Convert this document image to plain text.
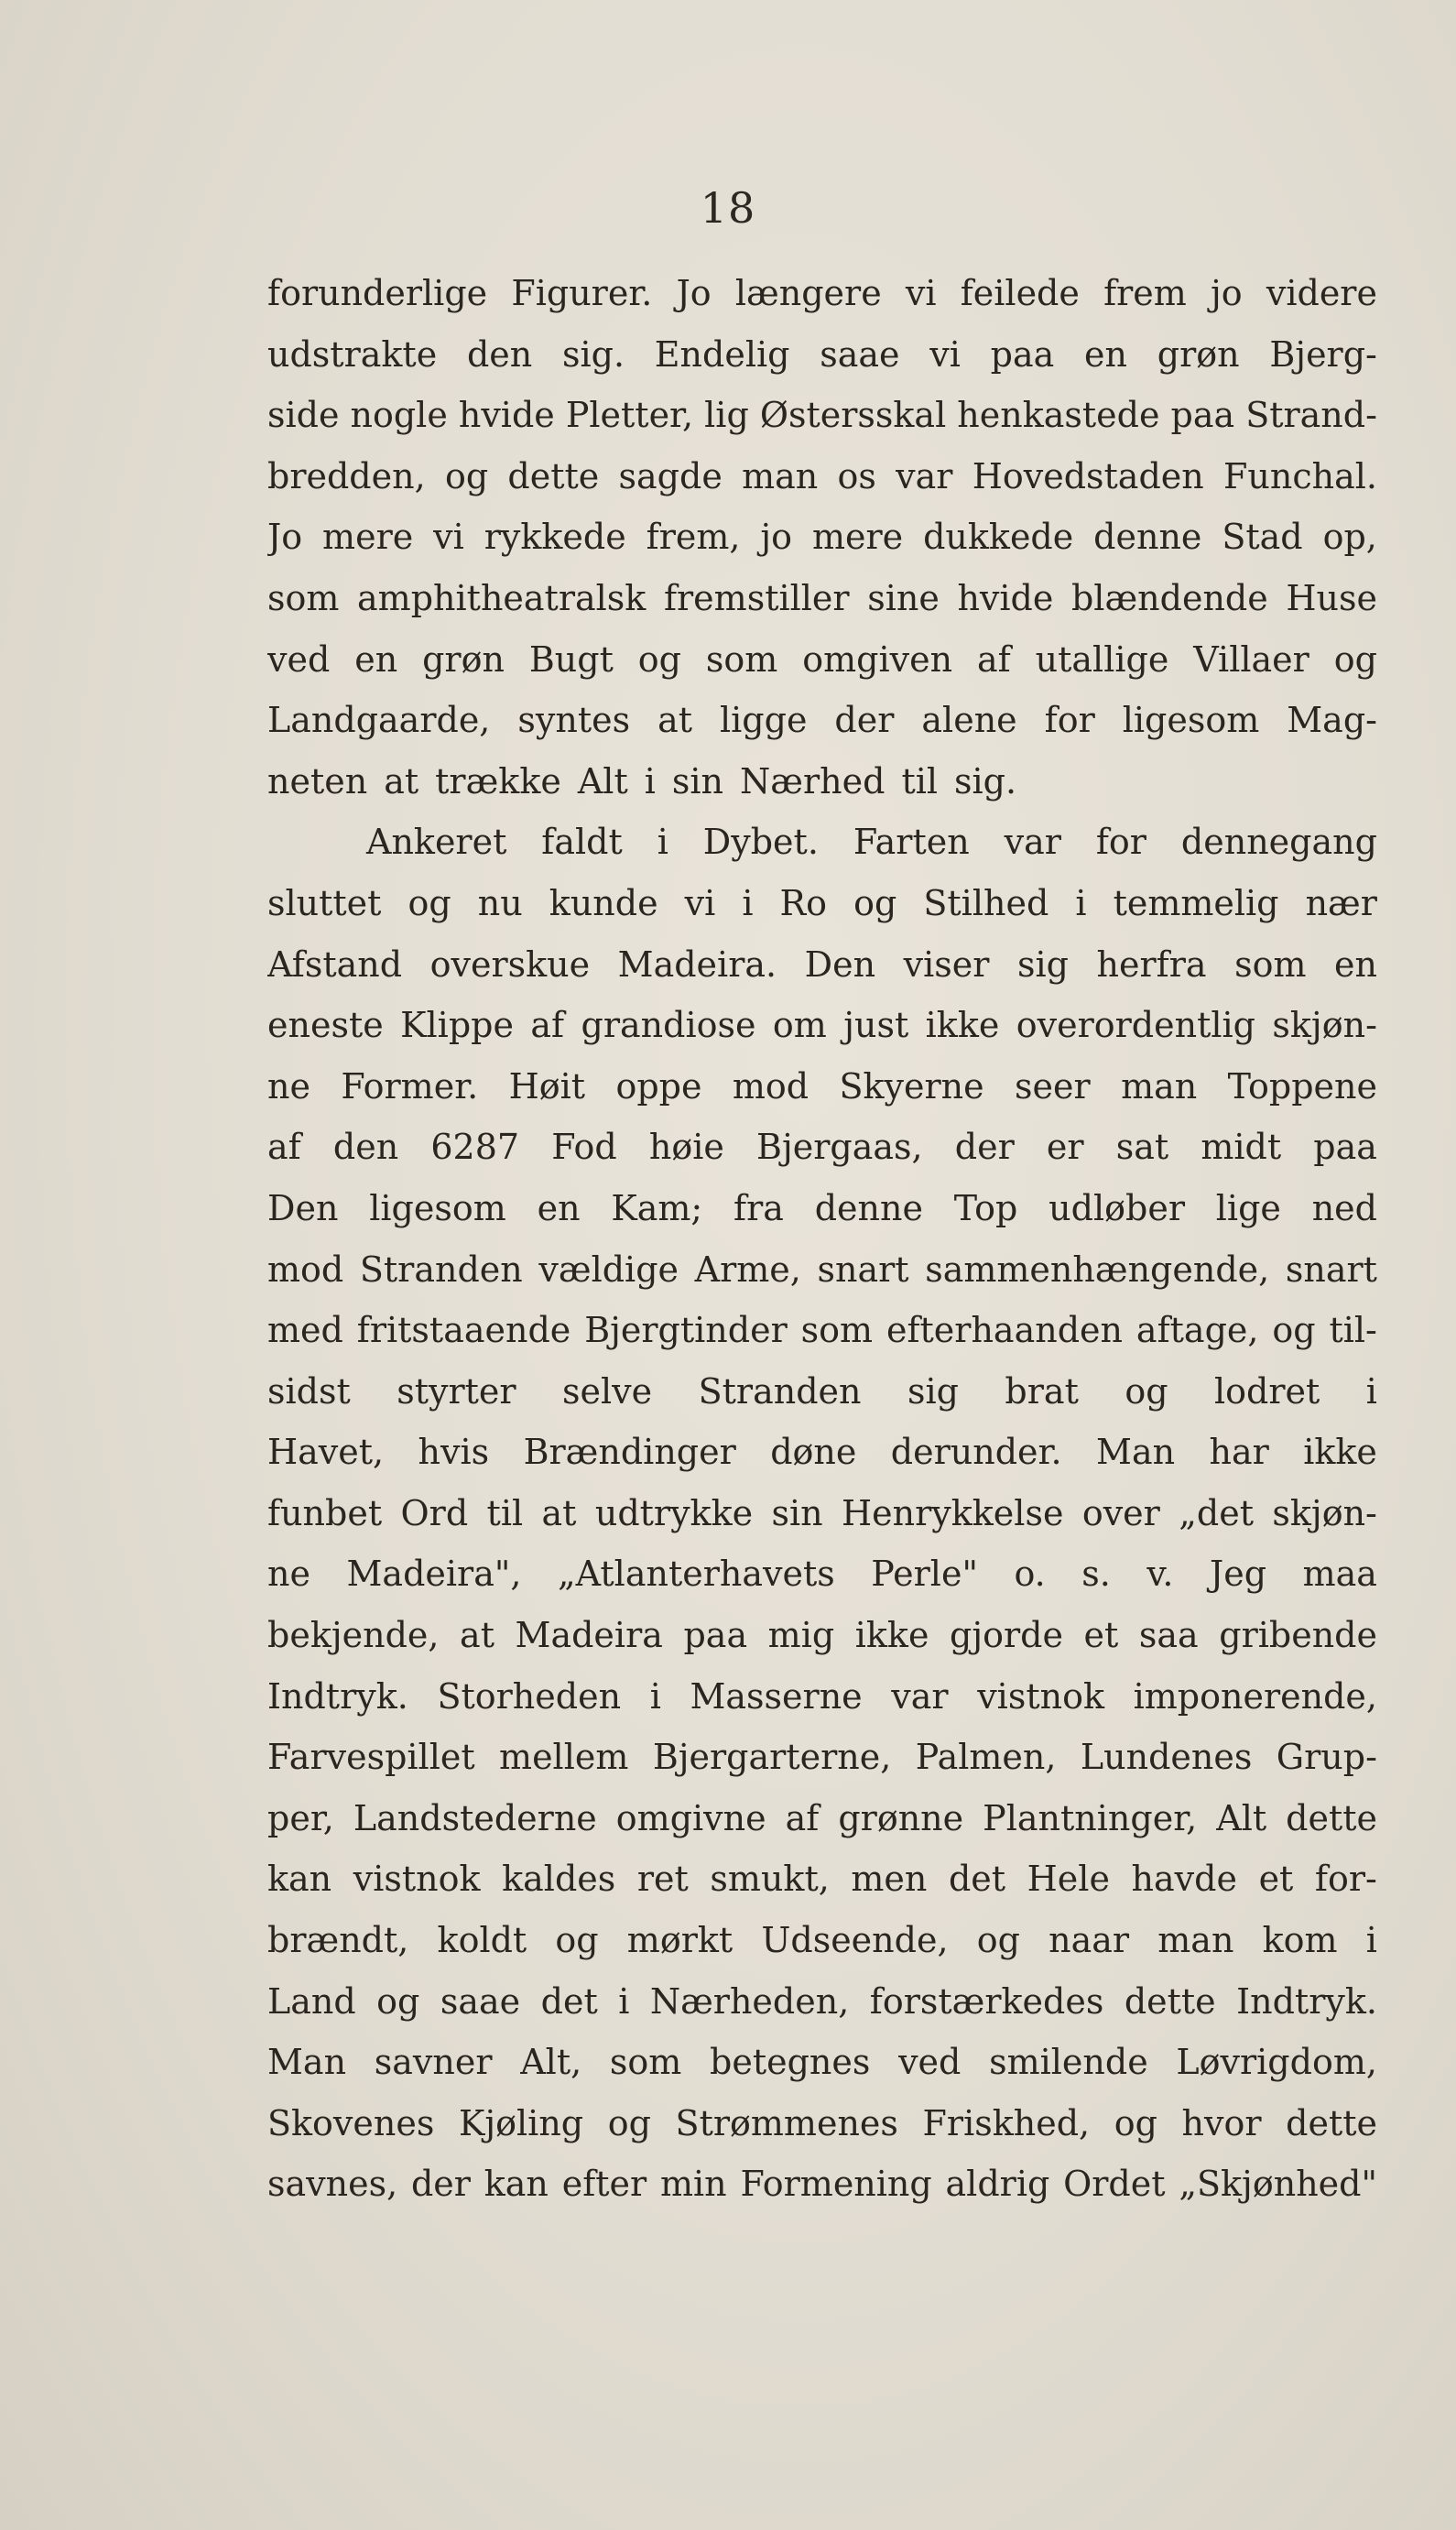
18
forunderlige Figurer. Jo længere vi feilede frem jo videre
udstrakte den sig. Endelig saae vi paa en grøn Bjerg-
side nogle hvide Pletter, lig Østersskal henkastede paa Strand-
bredden, og dette sagde man os var Hovedstaden Funchal.
Jo mere vi rykkede frem, jo mere dukkede denne Stad op,
som amphitheatralsk fremstiller sine hvide blændende Huse
ved en grøn Bugt og som omgiven af utallige Villaer og
Landgaarde, syntes at ligge der alene for ligesom Mag-
neten at trække Alt i sin Nærhed til sig.
Ankeret faldt i Dybet. Farten var for dennegang
sluttet og nu kunde vi i Ro og Stilhed i temmelig nær
Afstand overskue Madeira. Den viser sig herfra som en
eneste Klippe af grandiose om just ikke overordentlig skjøn-
ne Former. Høit oppe mod Skyerne seer man Toppene
af den 6287 Fod høie Bjergaas, der er sat midt paa
Den ligesom en Kam; fra denne Top udløber lige ned
mod Stranden vældige Arme, snart sammenhængende, snart
med fritstaaende Bjergtinder som efterhaanden aftage, og til-
sidst styrter selve Stranden sig brat og lodret i
Havet, hvis Brændinger døne derunder. Man har ikke
funbet Ord til at udtrykke sin Henrykkelse over „det skjøn-
ne Madeira", „Atlanterhavets Perle" o. s. v. Jeg maa
bekjende, at Madeira paa mig ikke gjorde et saa gribende
Indtryk. Storheden i Masserne var vistnok imponerende,
Farvespillet mellem Bjergarterne, Palmen, Lundenes Grup-
per, Landstederne omgivne af grønne Plantninger, Alt dette
kan vistnok kaldes ret smukt, men det Hele havde et for-
brændt, koldt og mørkt Udseende, og naar man kom i
Land og saae det i Nærheden, forstærkedes dette Indtryk.
Man savner Alt, som betegnes ved smilende Løvrigdom,
Skovenes Kjøling og Strømmenes Friskhed, og hvor dette
savnes, der kan efter min Formening aldrig Ordet „Skjønhed"
